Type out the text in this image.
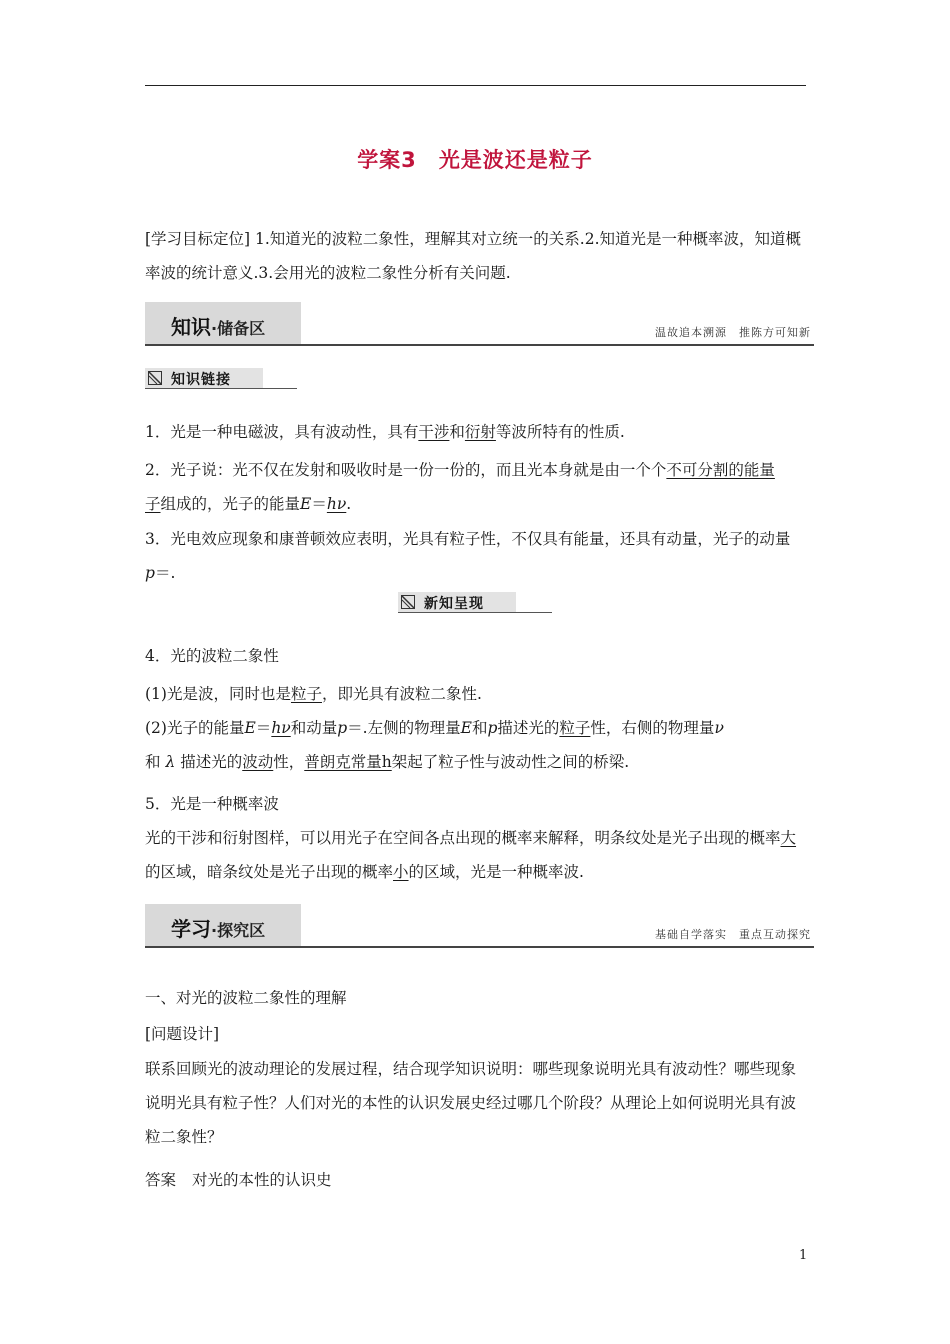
学案3 光是波还是粒子

[学习目标定位] 1.知道光的波粒二象性，理解其对立统一的关系.2.知道光是一种概率波，知道概率波的统计意义.3.会用光的波粒二象性分析有关问题.

知识·储备区	温故追本溯源　推陈方可知新
知识链接
1．光是一种电磁波，具有波动性，具有干涉和衍射等波所特有的性质.
2．光子说：光不仅在发射和吸收时是一份一份的，而且光本身就是由一个个不可分割的能量
子组成的，光子的能量E＝hν.

3．光电效应现象和康普顿效应表明，光具有粒子性，不仅具有能量，还具有动量，光子的动量
p＝.

新知呈现
4．光的波粒二象性
(1)光是波，同时也是粒子，即光具有波粒二象性.

(2)光子的能量E＝hν和动量p＝.左侧的物理量E和p描述光的粒子性，右侧的物理量ν
和 λ 描述光的波动性，普朗克常量h架起了粒子性与波动性之间的桥梁.

5．光是一种概率波

光的干涉和衍射图样，可以用光子在空间各点出现的概率来解释，明条纹处是光子出现的概率大的区域，暗条纹处是光子出现的概率小的区域，光是一种概率波.

学习·探究区	基础自学落实　重点互动探究
一、对光的波粒二象性的理解
[问题设计]

联系回顾光的波动理论的发展过程，结合现学知识说明：哪些现象说明光具有波动性？哪些现象说明光具有粒子性？人们对光的本性的认识发展史经过哪几个阶段？从理论上如何说明光具有波粒二象性？

答案 对光的本性的认识史
1
